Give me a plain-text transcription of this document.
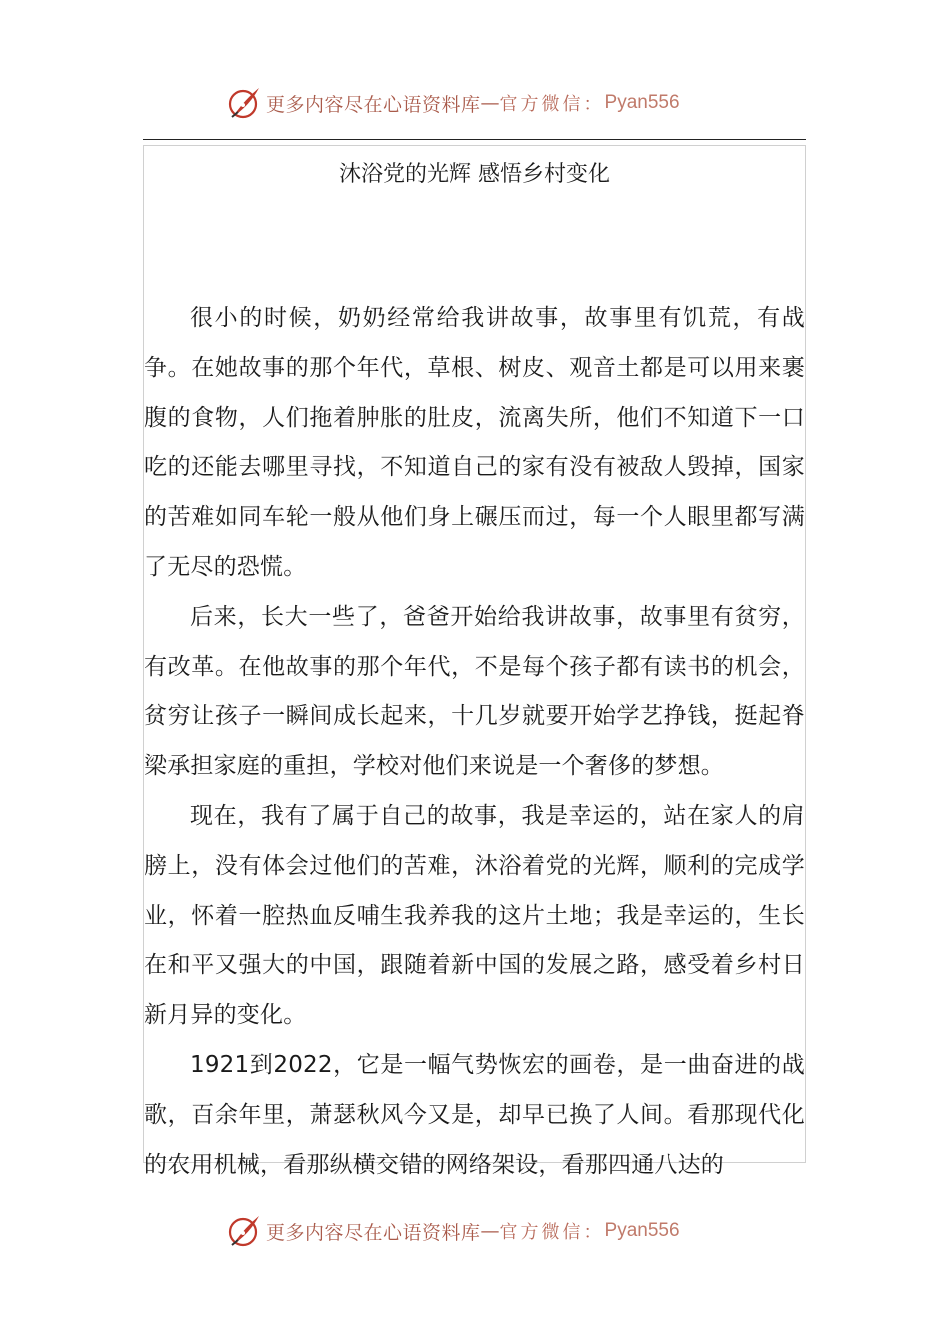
更多内容尽在心语资料库 — 官方微信： Pyan556
沐浴党的光辉 感悟乡村变化

很小的时候，奶奶经常给我讲故事，故事里有饥荒，有战争。在她故事的那个年代，草根、树皮、观音土都是可以用来裹腹的食物，人们拖着肿胀的肚皮，流离失所，他们不知道下一口吃的还能去哪里寻找，不知道自己的家有没有被敌人毁掉，国家的苦难如同车轮一般从他们身上碾压而过，每一个人眼里都写满了无尽的恐慌。

后来，长大一些了，爸爸开始给我讲故事，故事里有贫穷，有改革。在他故事的那个年代，不是每个孩子都有读书的机会，贫穷让孩子一瞬间成长起来，十几岁就要开始学艺挣钱，挺起脊梁承担家庭的重担，学校对他们来说是一个奢侈的梦想。

现在，我有了属于自己的故事，我是幸运的，站在家人的肩膀上，没有体会过他们的苦难，沐浴着党的光辉，顺利的完成学业，怀着一腔热血反哺生我养我的这片土地；我是幸运的，生长在和平又强大的中国，跟随着新中国的发展之路，感受着乡村日新月异的变化。

1921到2022，它是一幅气势恢宏的画卷，是一曲奋进的战歌，百余年里，萧瑟秋风今又是，却早已换了人间。看那现代化的农用机械，看那纵横交错的网络架设，看那四通八达的

更多内容尽在心语资料库 — 官方微信： Pyan556
